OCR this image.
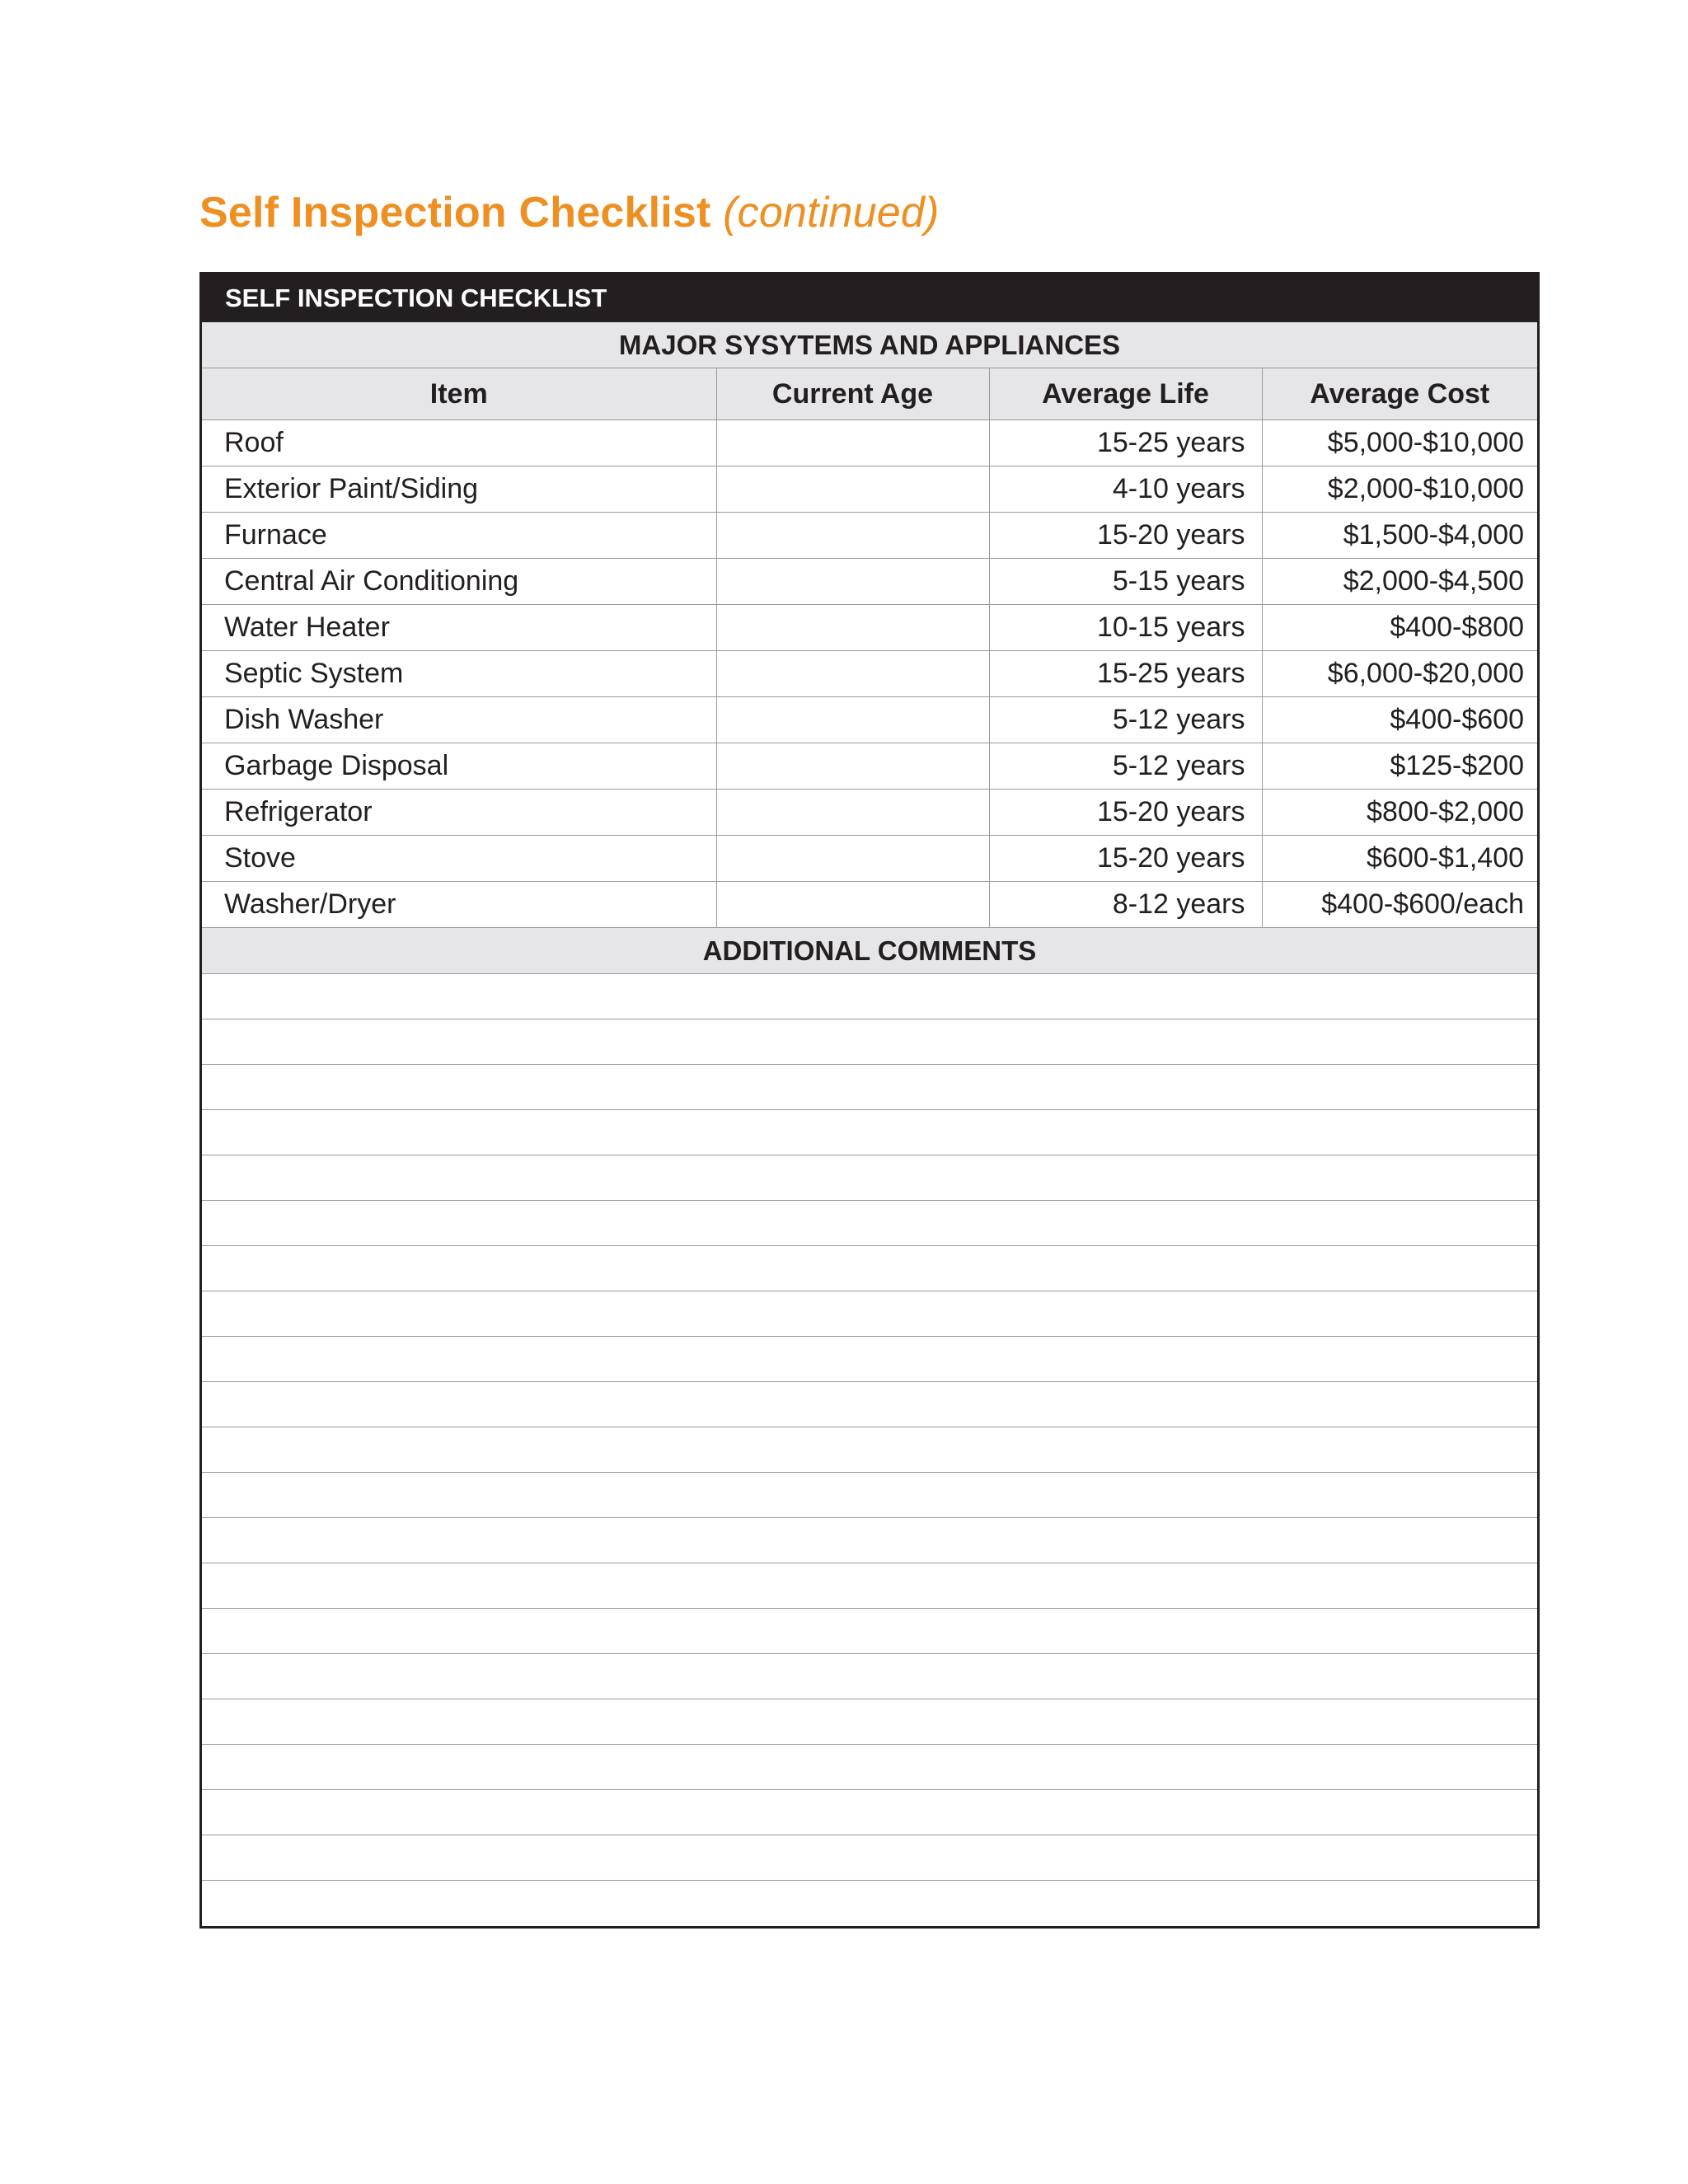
Self Inspection Checklist (continued)
SELF INSPECTION CHECKLIST
MAJOR SYSYTEMS AND APPLIANCES
Item	Current Age	Average Life	Average Cost
Roof		15-25 years	$5,000-$10,000
Exterior Paint/Siding		4-10 years	$2,000-$10,000
Furnace		15-20 years	$1,500-$4,000
Central Air Conditioning		5-15 years	$2,000-$4,500
Water Heater		10-15 years	$400-$800
Septic System		15-25 years	$6,000-$20,000
Dish Washer		5-12 years	$400-$600
Garbage Disposal		5-12 years	$125-$200
Refrigerator		15-20 years	$800-$2,000
Stove		15-20 years	$600-$1,400
Washer/Dryer		8-12 years	$400-$600/each
ADDITIONAL COMMENTS
